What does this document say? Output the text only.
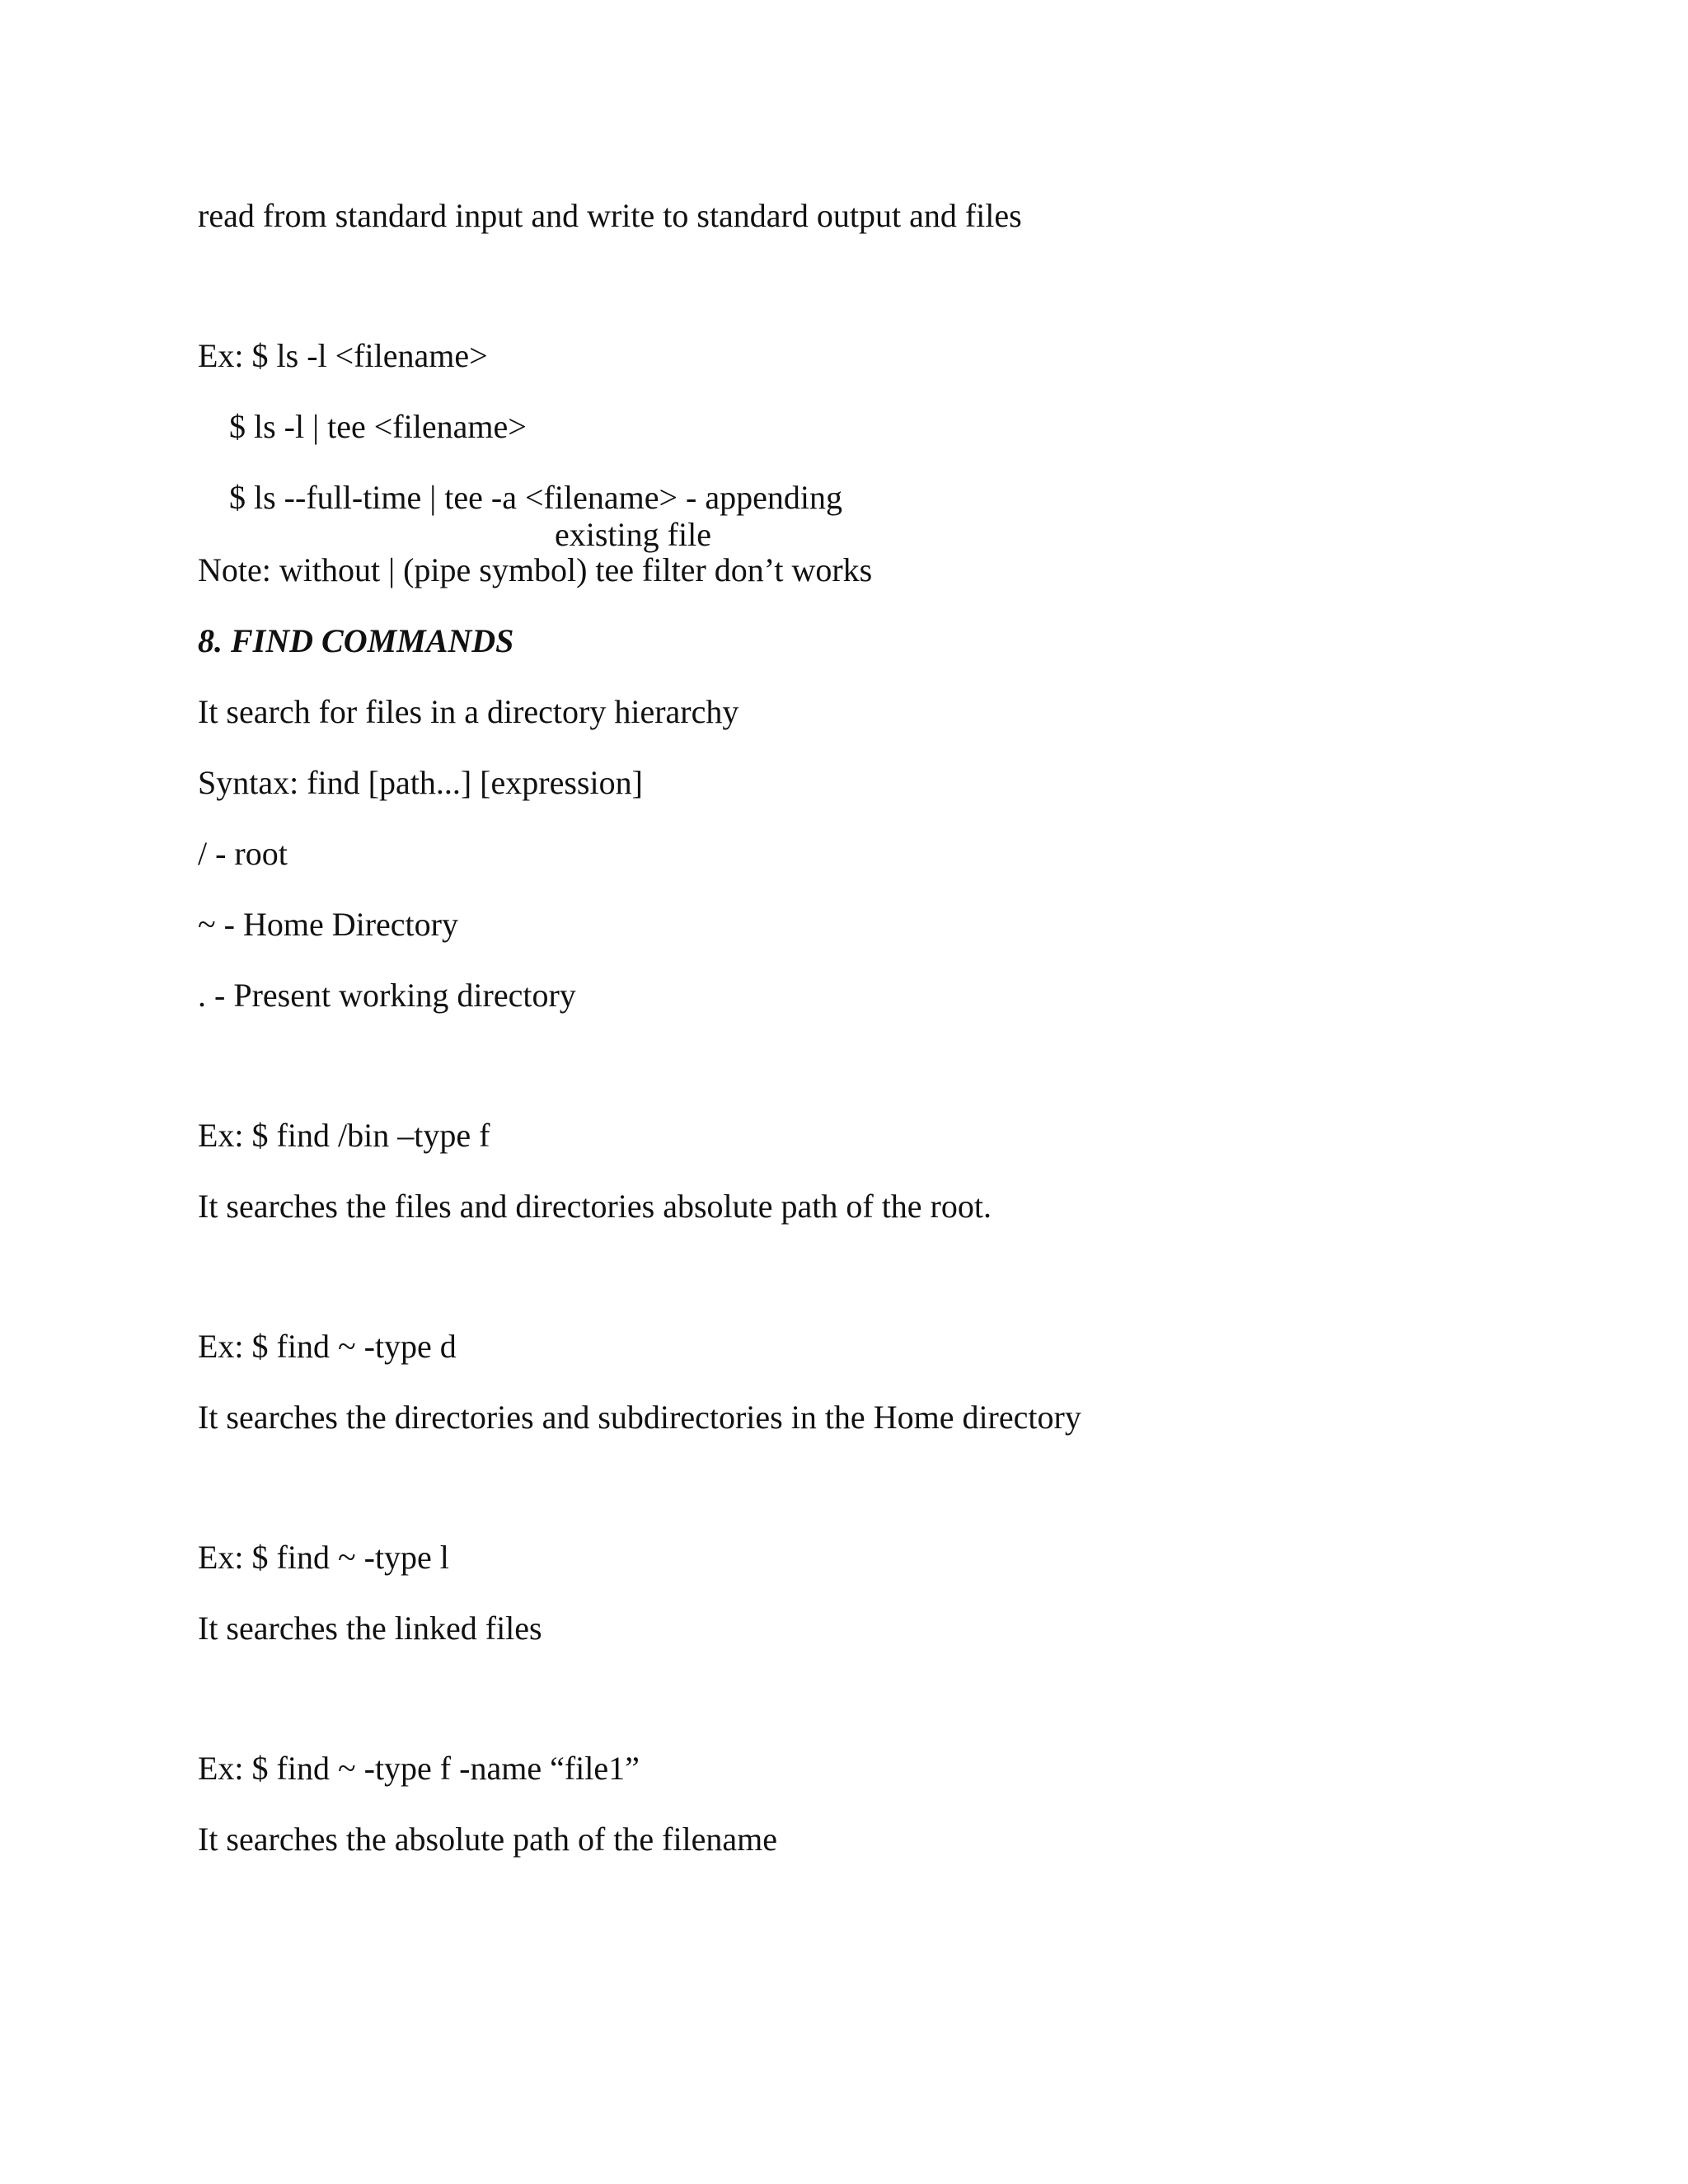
read from standard input and write to standard output and files
Ex: $ ls -l <filename>
$ ls -l | tee <filename>
$ ls --full-time | tee -a <filename> - appending
existing file
Note: without | (pipe symbol) tee filter don’t works
8. FIND COMMANDS
It search for files in a directory hierarchy
Syntax: find [path...] [expression]
/ - root
~ - Home Directory
. - Present working directory
Ex: $ find /bin –type f
It searches the files and directories absolute path of the root.
Ex: $ find ~ -type d
It searches the directories and subdirectories in the Home directory
Ex: $ find ~ -type l
It searches the linked files
Ex: $ find ~ -type f -name “file1”
It searches the absolute path of the filename
